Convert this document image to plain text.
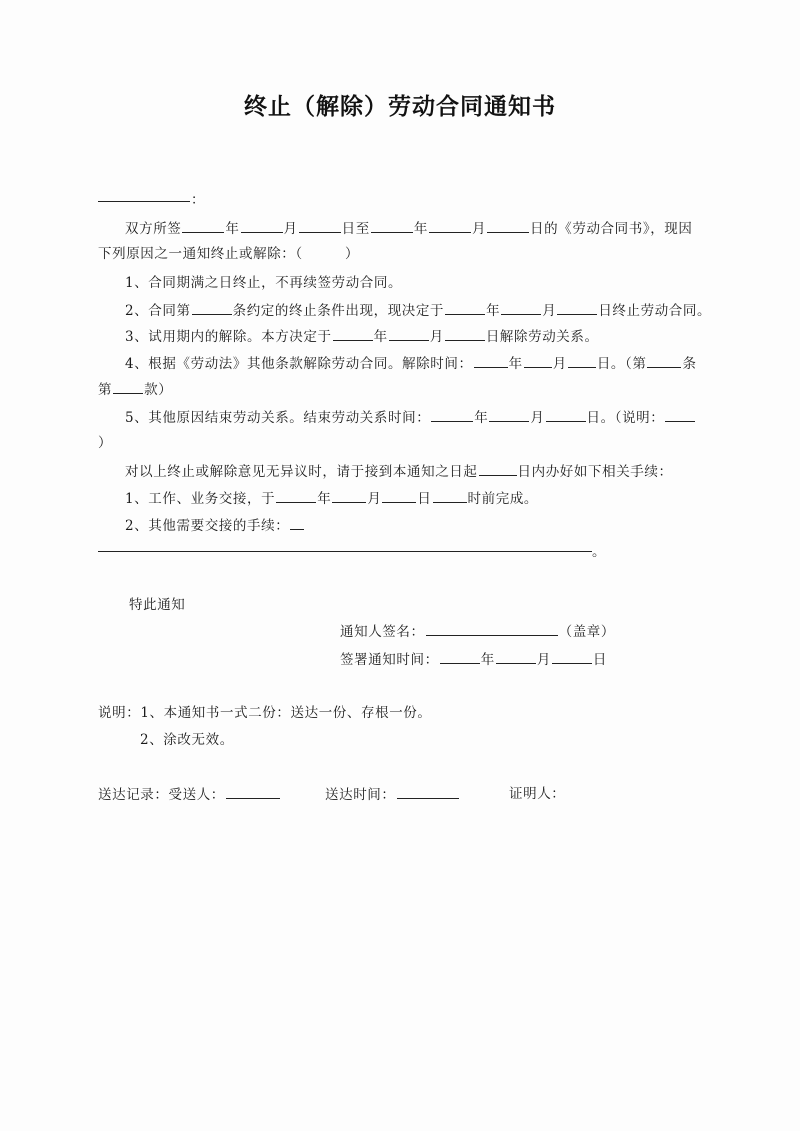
终止（解除）劳动合同通知书
：
双方所签	年	月	日至	年	月	日的《劳动合同书》，现因
下列原因之一通知终止或解除：（　　　）
1、合同期满之日终止，不再续签劳动合同。
2、合同第	条约定的终止条件出现，现决定于	年	月	日终止劳动合同。
3、试用期内的解除。本方决定于	年	月	日解除劳动关系。
4、根据《劳动法》其他条款解除劳动合同。解除时间：	年 月 日。（第	条
第 款）
5、其他原因结束劳动关系。结束劳动关系时间：	年	月	日。（说明：
）
对以上终止或解除意见无异议时，请于接到本通知之日起	日内办好如下相关手续：
1、工作、业务交接，于	年	月	日	时前完成。
2、其他需要交接的手续：
。
特此通知
通知人签名：	（盖章）
签署通知时间：	年	月	日
说明：1、本通知书一式二份：送达一份、存根一份。
2、涂改无效。
送达记录：受送人：	送达时间：	证明人：
